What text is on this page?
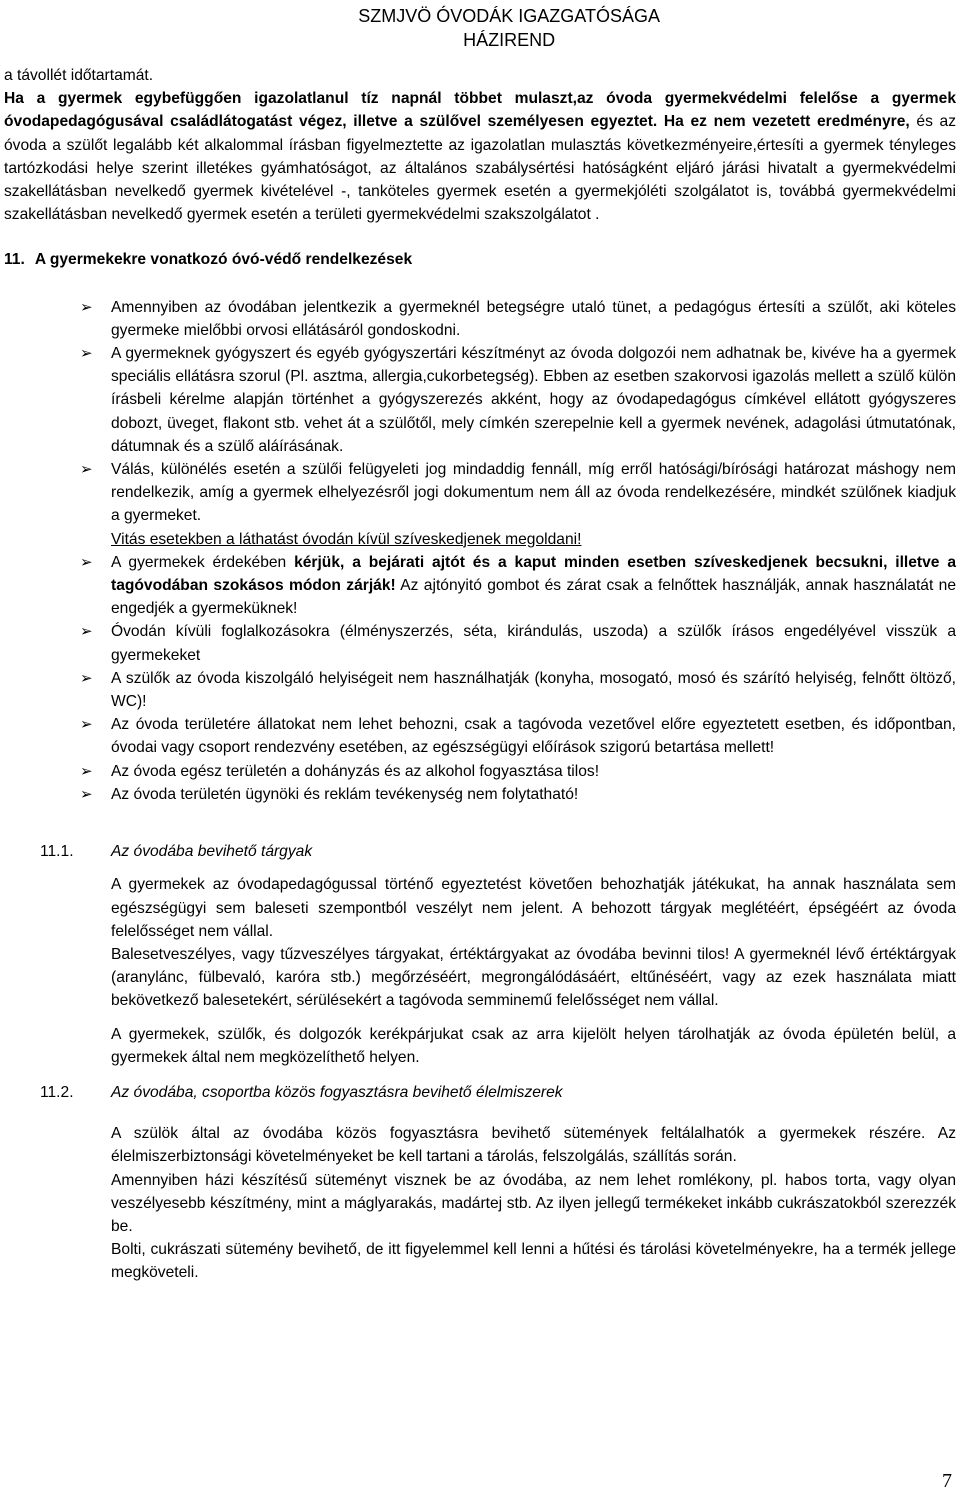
SZMJVÖ ÓVODÁK IGAZGATÓSÁGA
HÁZIREND

a távollét időtartamát.

Ha a gyermek egybefüggően igazolatlanul tíz napnál többet mulaszt,az óvoda gyermekvédelmi felelőse a gyermek óvodapedagógusával családlátogatást végez, illetve a szülővel személyesen egyeztet. Ha ez nem vezetett eredményre, és az óvoda a szülőt legalább két alkalommal írásban figyelmeztette az igazolatlan mulasztás következményeire,értesíti a gyermek tényleges tartózkodási helye szerint illetékes gyámhatóságot, az általános szabálysértési hatóságként eljáró járási hivatalt a gyermekvédelmi szakellátásban nevelkedő gyermek kivételével -, tanköteles gyermek esetén a gyermekjóléti szolgálatot is, továbbá gyermekvédelmi szakellátásban nevelkedő gyermek esetén a területi gyermekvédelmi szakszolgálatot .

11. A gyermekekre vonatkozó óvó-védő rendelkezések
➢ Amennyiben az óvodában jelentkezik a gyermeknél betegségre utaló tünet, a pedagógus értesíti a szülőt, aki köteles gyermeke mielőbbi orvosi ellátásáról gondoskodni.
➢ A gyermeknek gyógyszert és egyéb gyógyszertári készítményt az óvoda dolgozói nem adhatnak be, kivéve ha a gyermek speciális ellátásra szorul (Pl. asztma, allergia,cukorbetegség). Ebben az esetben szakorvosi igazolás mellett a szülő külön írásbeli kérelme alapján történhet a gyógyszerezés akként, hogy az óvodapedagógus címkével ellátott gyógyszeres dobozt, üveget, flakont stb. vehet át a szülőtől, mely címkén szerepelnie kell a gyermek nevének, adagolási útmutatónak, dátumnak és a szülő aláírásának.
➢ Válás, különélés esetén a szülői felügyeleti jog mindaddig fennáll, míg erről hatósági/bírósági határozat máshogy nem rendelkezik, amíg a gyermek elhelyezésről jogi dokumentum nem áll az óvoda rendelkezésére, mindkét szülőnek kiadjuk a gyermeket.
Vitás esetekben a láthatást óvodán kívül szíveskedjenek megoldani!
➢ A gyermekek érdekében kérjük, a bejárati ajtót és a kaput minden esetben szíveskedjenek becsukni, illetve a tagóvodában szokásos módon zárják! Az ajtónyitó gombot és zárat csak a felnőttek használják, annak használatát ne engedjék a gyermeküknek!
➢ Óvodán kívüli foglalkozásokra (élményszerzés, séta, kirándulás, uszoda) a szülők írásos engedélyével visszük a gyermekeket
➢ A szülők az óvoda kiszolgáló helyiségeit nem használhatják (konyha, mosogató, mosó és szárító helyiség, felnőtt öltöző, WC)!
➢ Az óvoda területére állatokat nem lehet behozni, csak a tagóvoda vezetővel előre egyeztetett esetben, és időpontban, óvodai vagy csoport rendezvény esetében, az egészségügyi előírások szigorú betartása mellett!
➢ Az óvoda egész területén a dohányzás és az alkohol fogyasztása tilos!
➢ Az óvoda területén ügynöki és reklám tevékenység nem folytatható!
11.1.	Az óvodába bevihető tárgyak

A gyermekek az óvodapedagógussal történő egyeztetést követően behozhatják játékukat, ha annak használata sem egészségügyi sem baleseti szempontból veszélyt nem jelent. A behozott tárgyak meglétéért, épségéért az óvoda felelősséget nem vállal.

Balesetveszélyes, vagy tűzveszélyes tárgyakat, értéktárgyakat az óvodába bevinni tilos! A gyermeknél lévő értéktárgyak (aranylánc, fülbevaló, karóra stb.) megőrzéséért, megrongálódásáért, eltűnéséért, vagy az ezek használata miatt bekövetkező balesetekért, sérülésekért a tagóvoda semminemű felelősséget nem vállal.

A gyermekek, szülők, és dolgozók kerékpárjukat csak az arra kijelölt helyen tárolhatják az óvoda épületén belül, a gyermekek által nem megközelíthető helyen.

11.2.	Az óvodába, csoportba közös fogyasztásra bevihető élelmiszerek

A szülök által az óvodába közös fogyasztásra bevihető sütemények feltálalhatók a gyermekek részére. Az élelmiszerbiztonsági követelményeket be kell tartani a tárolás, felszolgálás, szállítás során.

Amennyiben házi készítésű süteményt visznek be az óvodába, az nem lehet romlékony, pl. habos torta, vagy olyan veszélyesebb készítmény, mint a máglyarakás, madártej stb. Az ilyen jellegű termékeket inkább cukrászatokból szerezzék be.

Bolti, cukrászati sütemény bevihető, de itt figyelemmel kell lenni a hűtési és tárolási követelményekre, ha a termék jellege megköveteli.

7
